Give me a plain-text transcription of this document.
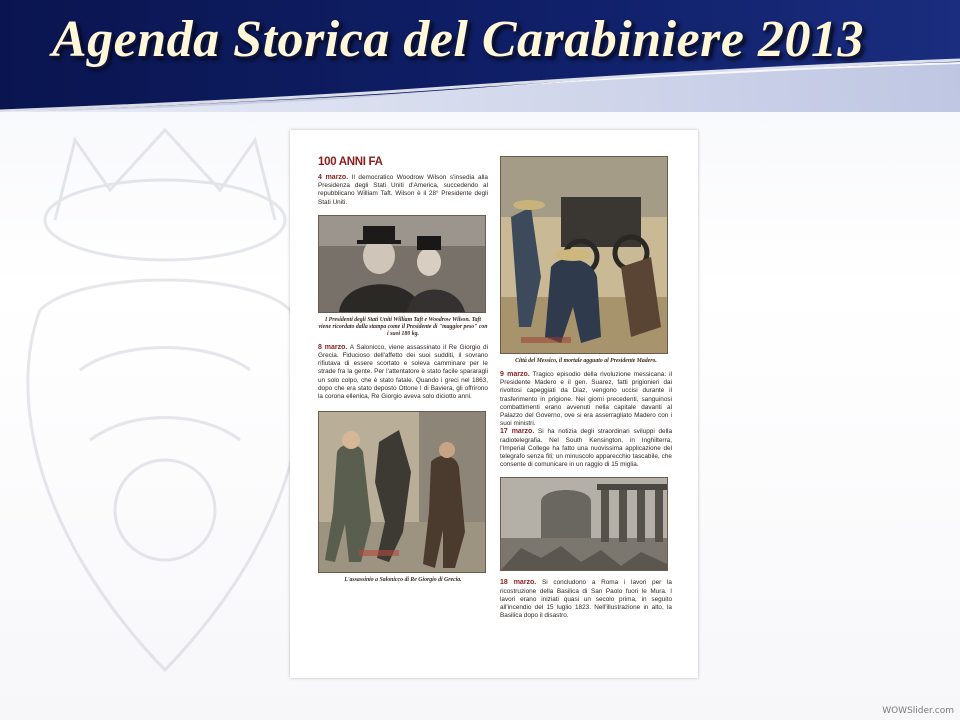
Agenda Storica del Carabiniere 2013
100 ANNI FA

4 marzo. Il democratico Woodrow Wilson s'insedia alla Presidenza degli Stati Uniti d'America, succedendo al repubblicano William Taft. Wilson è il 28° Presidente degli Stati Uniti.

I Presidenti degli Stati Uniti William Taft e Woodrow Wilson. Taft viene ricordato dalla stampa come il Presidente di "maggior peso" con i suoi 180 kg.

8 marzo. A Salonicco, viene assassinato il Re Giorgio di Grecia. Fiducioso dell'affetto dei suoi sudditi, il sovrano rifiutava di essere scortato e soleva camminare per le strade fra la gente. Per l'attentatore è stato facile spararagli un solo colpo, che è stato fatale. Quando i greci nel 1863, dopo che era stato deposto Ottone I di Baviera, gli offrirono la corona ellenica, Re Giorgio aveva solo diciotto anni.

L'assassinio a Salonicco di Re Giorgio di Grecia.
Città del Messico, il mortale agguato al Presidente Madero.

9 marzo. Tragico episodio della rivoluzione messicana: il Presidente Madero e il gen. Suarez, fatti prigionieri dai rivoltosi capeggiati da Diaz, vengono uccisi durante il trasferimento in prigione. Nei giorni precedenti, sanguinosi combattimenti erano avvenuti nella capitale davanti al Palazzo del Governo, ove si era asserragliato Madero con i suoi ministri.

17 marzo. Si ha notizia degli straordinari sviluppi della radiotelegrafia. Nel South Kensington, in Inghilterra, l'Imperial College ha fatto una nuovissima applicazione del telegrafo senza fili; un minuscolo apparecchio tascabile, che consente di comunicare in un raggio di 15 miglia.

18 marzo. Si concludono a Roma i lavori per la ricostruzione della Basilica di San Paolo fuori le Mura. I lavori erano iniziati quasi un secolo prima, in seguito all'incendio del 15 luglio 1823. Nell'illustrazione in alto, la Basilica dopo il disastro.

WOWSlider.com
